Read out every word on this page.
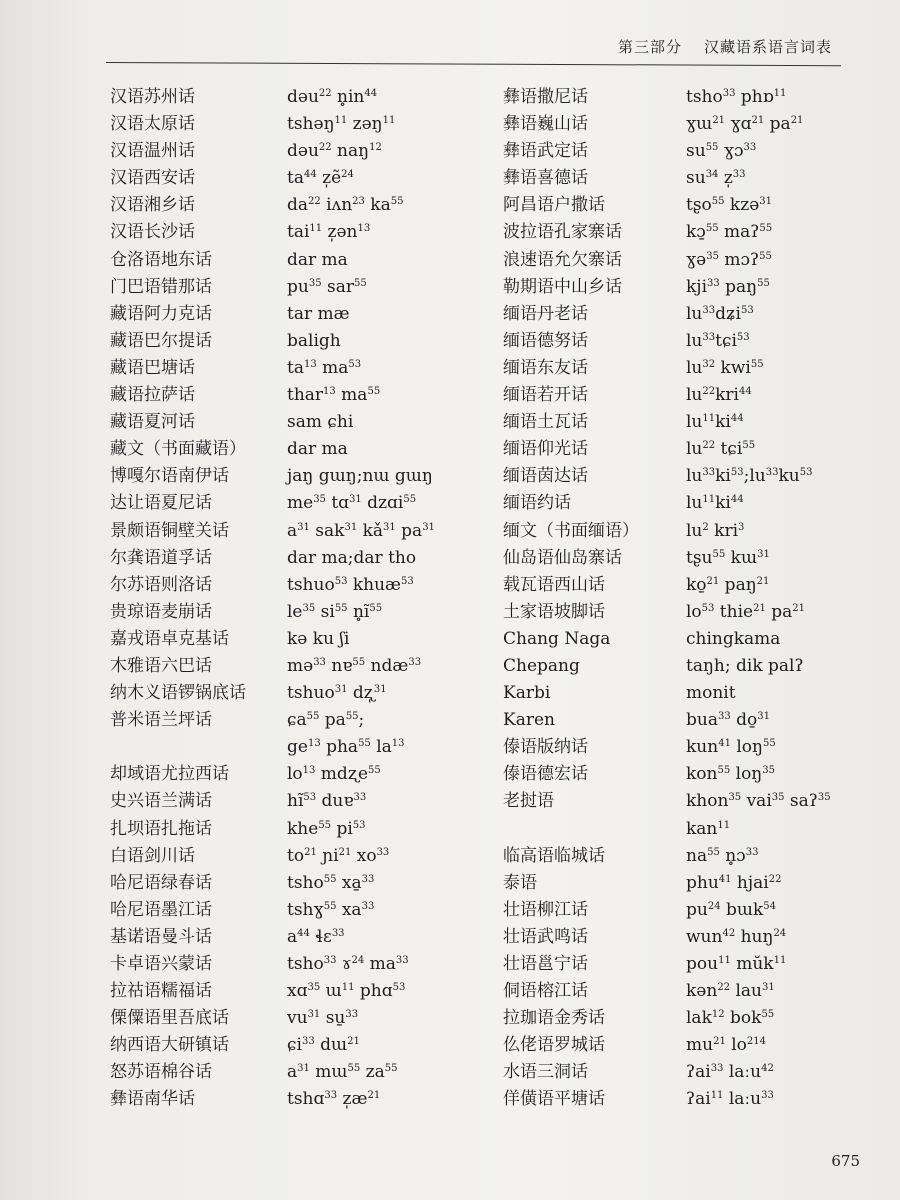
第三部分 汉藏语系语言词表
汉语苏州话
汉语太原话
汉语温州话
汉语西安话
汉语湘乡话
汉语长沙话
仓洛语地东话
门巴语错那话
藏语阿力克话
藏语巴尔提话
藏语巴塘话
藏语拉萨话
藏语夏河话
藏文（书面藏语）
博嘎尔语南伊话
达让语夏尼话
景颇语铜壁关话
尔龚语道孚话
尔苏语则洛话
贵琼语麦崩话
嘉戎语卓克基话
木雅语六巴话
纳木义语锣锅底话
普米语兰坪话
却域语尤拉西话
史兴语兰满话
扎坝语扎拖话
白语剑川话
哈尼语绿春话
哈尼语墨江话
基诺语曼斗话
卡卓语兴蒙话
拉祜语糯福话
傈僳语里吾底话
纳西语大研镇话
怒苏语棉谷话
彝语南华话
dəu$^{22}$ $n̥in^{44}$
tshəŋ$^{11}$ zəŋ$^{11}$
dəu$^{22}$ naŋ$^{12}$
$ta^{44}$ z̩ẽ$^{24}$
$da^{22}$ iʌn$^{23}$ $ka^{55}$
tai$^{11}$ z̩ən$^{13}$
dar ma
$pu^{35}$ sar$^{55}$
tar mæ
baligh
$ta^{13}$ $ma^{53}$
thar$^{13}$ $ma^{55}$
sam ɕhi
dar ma
jaŋ gɯŋ;nɯ gɯŋ
$me^{35}$ tɑ$^{31}$ dzɑi$^{55}$
$a^{31}$ sak$^{31}$ $kǎ^{31}$ $pa^{31}$
dar ma;dar tho
tshuo$^{53}$ khuæ$^{53}$
$le^{35}$ $si^{55}$ $n̥ĩ^{55}$
kə ku ʃi
mə$^{33}$ nɐ$^{55}$ ndæ$^{33}$
tshuo$^{31}$ dʐ̩$^{31}$
ɕa$^{55}$ $pa^{55}$;
$ge^{13}$ pha$^{55}$ $la^{13}$
$lo^{13}$ mdʐe$^{55}$
$hĩ^{53}$ duɐ$^{33}$
khe$^{55}$ $pi^{53}$
$to^{21}$ ɲi$^{21}$ $xo^{33}$
tsho$^{55}$ xa̱$^{33}$
tshɣ$^{55}$ $xa^{33}$
$a^{44}$ ɬɛ$^{33}$
tsho$^{33}$ ɤ$^{24}$ $ma^{33}$
xɑ$^{35}$ ɯ$^{11}$ phɑ$^{53}$
$vu^{31}$ su̱$^{33}$
ɕi$^{33}$ dɯ$^{21}$
$a^{31}$ mɯ$^{55}$ $za^{55}$
tshɑ$^{33}$ $z̩æ^{21}$
彝语撒尼话
彝语巍山话
彝语武定话
彝语喜德话
阿昌语户撒话
波拉语孔家寨话
浪速语允欠寨话
勒期语中山乡话
缅语丹老话
缅语德努话
缅语东友话
缅语若开话
缅语土瓦话
缅语仰光话
缅语茵达话
缅语约话
缅文（书面缅语）
仙岛语仙岛寨话
载瓦语西山话
土家语坡脚话
Chang Naga
Chepang
Karbi
Karen
傣语版纳话
傣语德宏话
老挝语
临高语临城话
泰语
壮语柳江话
壮语武鸣话
壮语邕宁话
侗语榕江话
拉珈语金秀话
仫佬语罗城话
水语三洞话
佯僙语平塘话
tsho$^{33}$ phɒ$^{11}$
ɣɯ$^{21}$ ɣɑ$^{21}$ $pa^{21}$
$su^{55}$ ɣɔ$^{33}$
$su^{34}$ z̩$^{33}$
tʂo$^{55}$ kzə$^{31}$
kɔ̱$^{55}$ maʔ$^{55}$
ɣə$^{35}$ mɔʔ$^{55}$
kji$^{33}$ paŋ$^{55}$
$lu^{33}dʑi^{53}$
$lu^{33}tɕi^{53}$
$lu^{32}$ kwi$^{55}$
$lu^{22}kri^{44}$
$lu^{11}ki^{44}$
$lu^{22}$ tɕi$^{55}$
$lu^{33}ki^{53};lu^{33}ku^{53}$
$lu^{11}ki^{44}$
$lu^2$ kri$^3$
tʂu$^{55}$ kɯ$^{31}$
ko̱$^{21}$ paŋ$^{21}$
$lo^{53}$ thie$^{21}$ $pa^{21}$
chingkama
taŋh; dik palʔ
monit
bua$^{33}$ do̱$^{31}$
kun$^{41}$ loŋ$^{55}$
kon$^{55}$ loŋ$^{35}$
khon$^{35}$ vai$^{35}$ saʔ$^{35}$
kan$^{11}$
$na^{55}$ n̥ɔ$^{33}$
phu$^{41}$ hjai$^{22}$
$pu^{24}$ bɯk$^{54}$
wun$^{42}$ huŋ$^{24}$
pou$^{11}$ mŭk$^{11}$
kən$^{22}$ lau$^{31}$
lak$^{12}$ bok$^{55}$
$mu^{21}$ $lo^{214}$
ʔai$^{33}$ laːu$^{42}$
ʔai$^{11}$ laːu$^{33}$
675
